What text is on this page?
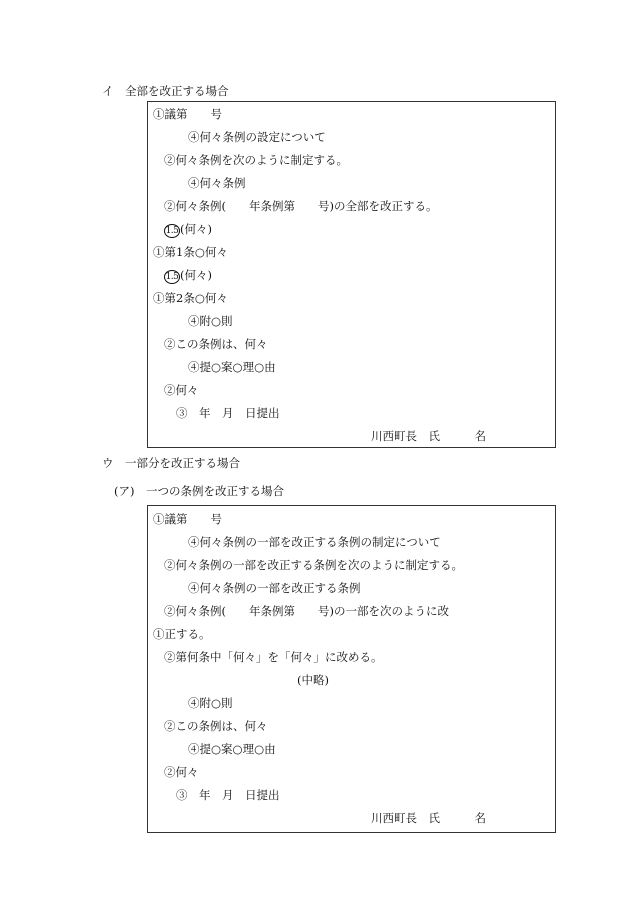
イ　全部を改正する場合
①議第　　号
④何々条例の設定について
②何々条例を次のように制定する。
④何々条例
②何々条例(　　年条例第　　号)の全部を改正する。
1.5 (何々)
①第1条○何々
1.5 (何々)
①第2条○何々
④附○則
②この条例は、何々
④提○案○理○由
②何々
③　年　月　日提出
川西町長　氏　　　名
ウ　一部分を改正する場合
(ア)　一つの条例を改正する場合
①議第　　号
④何々条例の一部を改正する条例の制定について
②何々条例の一部を改正する条例を次のように制定する。
④何々条例の一部を改正する条例
②何々条例(　　年条例第　　号)の一部を次のように改
①正する。
②第何条中「何々」を「何々」に改める。
(中略)
④附○則
②この条例は、何々
④提○案○理○由
②何々
③　年　月　日提出
川西町長　氏　　　名
